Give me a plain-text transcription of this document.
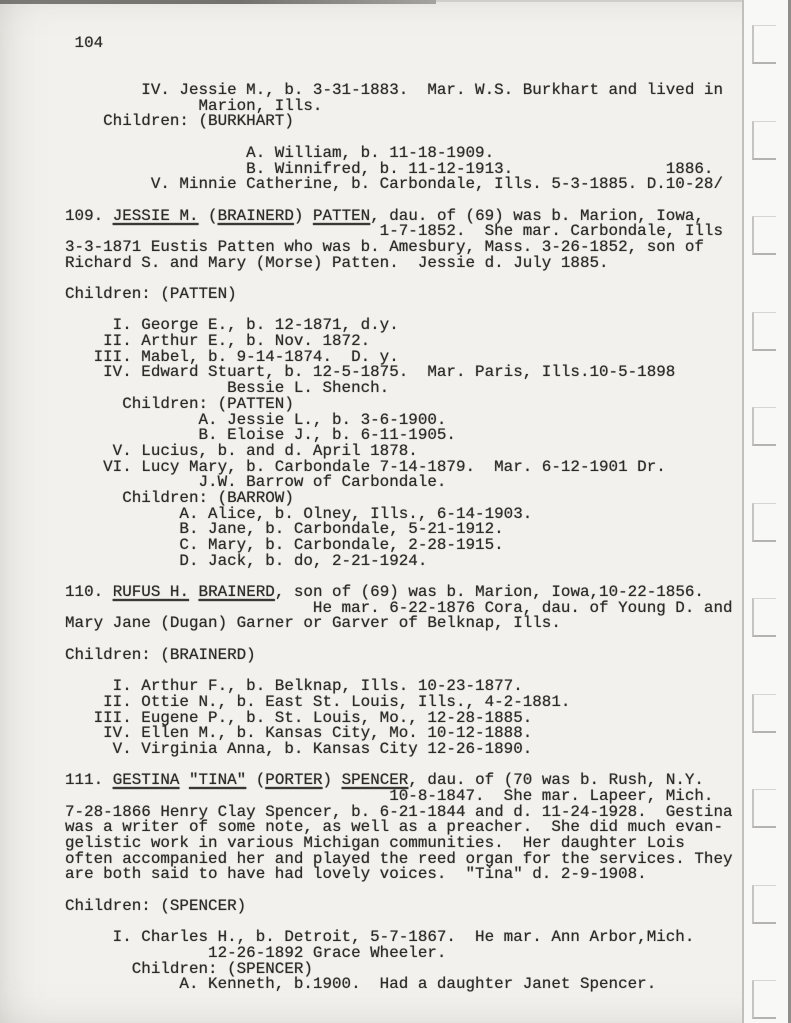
104
IV. Jessie M., b. 3-31-1883.  Mar. W.S. Burkhart and lived in
Marion, Ills.
Children: (BURKHART)
A. William, b. 11-18-1909.
B. Winnifred, b. 11-12-1913.                1886.
V. Minnie Catherine, b. Carbondale, Ills. 5-3-1885. D.10-28/
109. JESSIE M. (BRAINERD) PATTEN, dau. of (69) was b. Marion, Iowa,
1-7-1852.  She mar. Carbondale, Ills
3-3-1871 Eustis Patten who was b. Amesbury, Mass. 3-26-1852, son of
Richard S. and Mary (Morse) Patten.  Jessie d. July 1885.
Children: (PATTEN)
I. George E., b. 12-1871, d.y.
II. Arthur E., b. Nov. 1872.
III. Mabel, b. 9-14-1874.  D. y.
IV. Edward Stuart, b. 12-5-1875.  Mar. Paris, Ills.10-5-1898
Bessie L. Shench.
Children: (PATTEN)
A. Jessie L., b. 3-6-1900.
B. Eloise J., b. 6-11-1905.
V. Lucius, b. and d. April 1878.
VI. Lucy Mary, b. Carbondale 7-14-1879.  Mar. 6-12-1901 Dr.
J.W. Barrow of Carbondale.
Children: (BARROW)
A. Alice, b. Olney, Ills., 6-14-1903.
B. Jane, b. Carbondale, 5-21-1912.
C. Mary, b. Carbondale, 2-28-1915.
D. Jack, b. do, 2-21-1924.
110. RUFUS H. BRAINERD, son of (69) was b. Marion, Iowa,10-22-1856.
He mar. 6-22-1876 Cora, dau. of Young D. and
Mary Jane (Dugan) Garner or Garver of Belknap, Ills.
Children: (BRAINERD)
I. Arthur F., b. Belknap, Ills. 10-23-1877.
II. Ottie N., b. East St. Louis, Ills., 4-2-1881.
III. Eugene P., b. St. Louis, Mo., 12-28-1885.
IV. Ellen M., b. Kansas City, Mo. 10-12-1888.
V. Virginia Anna, b. Kansas City 12-26-1890.
111. GESTINA "TINA" (PORTER) SPENCER, dau. of (70 was b. Rush, N.Y.
10-8-1847.  She mar. Lapeer, Mich.
7-28-1866 Henry Clay Spencer, b. 6-21-1844 and d. 11-24-1928.  Gestina
was a writer of some note, as well as a preacher.  She did much evan-
gelistic work in various Michigan communities.  Her daughter Lois
often accompanied her and played the reed organ for the services. They
are both said to have had lovely voices.  "Tina" d. 2-9-1908.
Children: (SPENCER)
I. Charles H., b. Detroit, 5-7-1867.  He mar. Ann Arbor,Mich.
12-26-1892 Grace Wheeler.
Children: (SPENCER)
A. Kenneth, b.1900.  Had a daughter Janet Spencer.
